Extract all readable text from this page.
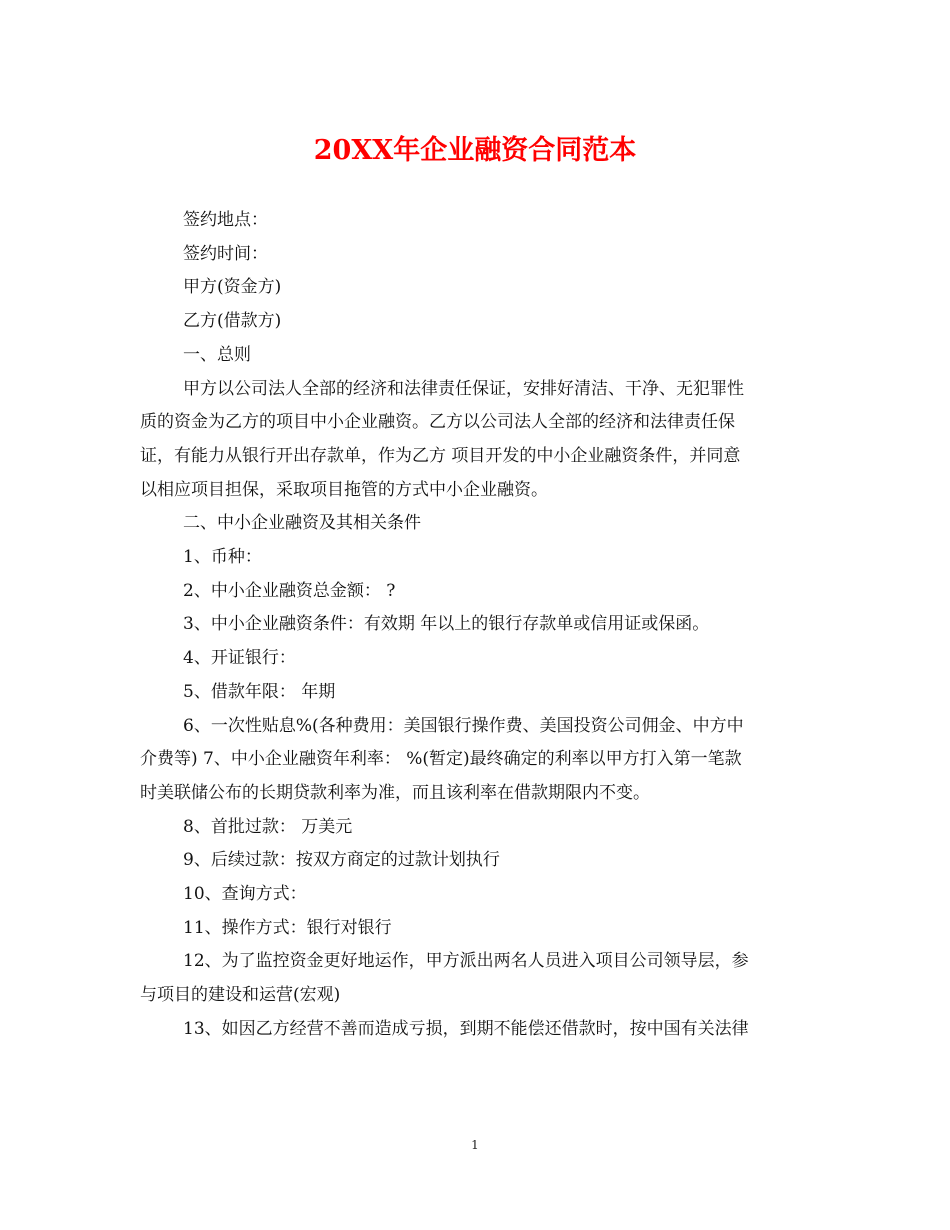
20XX年企业融资合同范本

签约地点：

签约时间：

甲方(资金方)

乙方(借款方)

一、总则

甲方以公司法人全部的经济和法律责任保证，安排好清洁、干净、无犯罪性

质的资金为乙方的项目中小企业融资。乙方以公司法人全部的经济和法律责任保

证，有能力从银行开出存款单，作为乙方 项目开发的中小企业融资条件，并同意

以相应项目担保，采取项目拖管的方式中小企业融资。

二、中小企业融资及其相关条件

1、币种：

2、中小企业融资总金额： ?

3、中小企业融资条件：有效期 年以上的银行存款单或信用证或保函。

4、开证银行：

5、借款年限： 年期

6、一次性贴息%(各种费用：美国银行操作费、美国投资公司佣金、中方中

介费等) 7、中小企业融资年利率： %(暂定)最终确定的利率以甲方打入第一笔款

时美联储公布的长期贷款利率为准，而且该利率在借款期限内不变。

8、首批过款： 万美元

9、后续过款：按双方商定的过款计划执行

10、查询方式：

11、操作方式：银行对银行

12、为了监控资金更好地运作，甲方派出两名人员进入项目公司领导层，参

与项目的建设和运营(宏观)

13、如因乙方经营不善而造成亏损，到期不能偿还借款时，按中国有关法律

1
